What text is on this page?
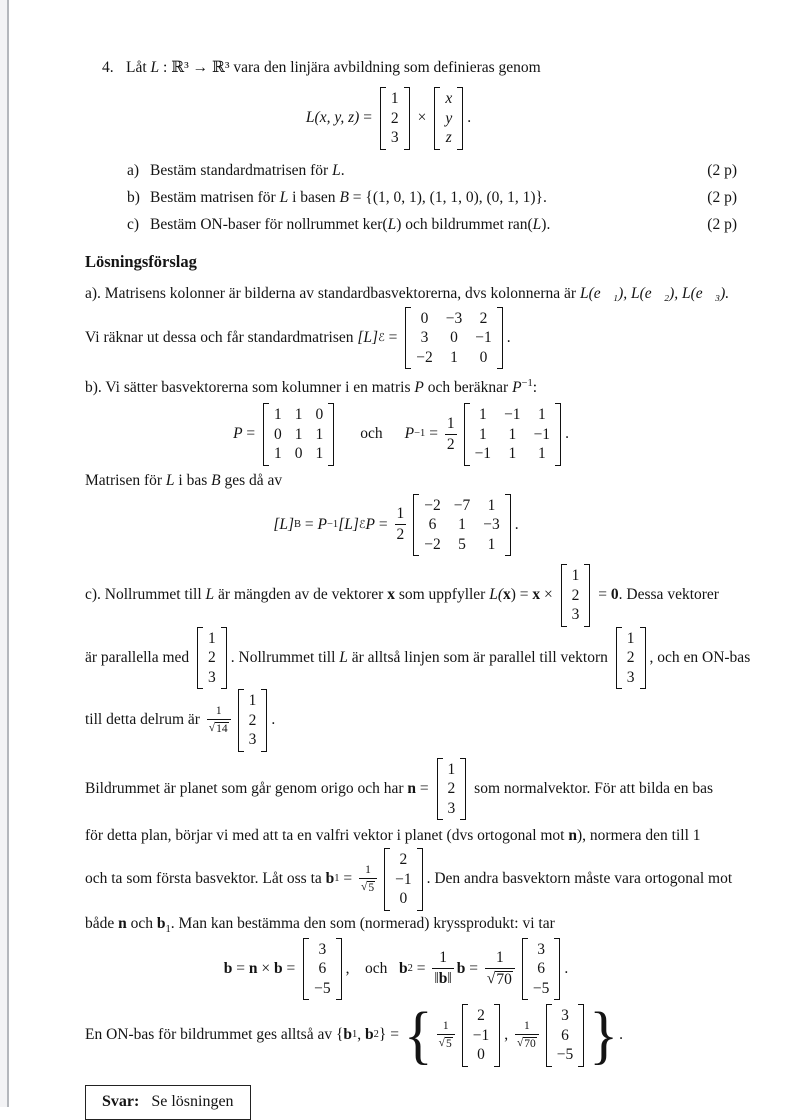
4. Låt L : ℝ³ → ℝ³ vara den linjära avbildning som definieras genom
L(x, y, z) =
1
2
3
×
x
y
z
.
a) Bestäm standardmatrisen för L .	(2 p)
b) Bestäm matrisen för L i basen B = {(1, 0, 1), (1, 1, 0), (0, 1, 1)}.	(2 p)
c) Bestäm ON-baser för nollrummet ker( L ) och bildrummet ran( L ).	(2 p)
Lösningsförslag
a). Matrisens kolonner är bilderna av standardbasvektorerna, dvs kolonnerna är L(e⃗₁), L(e⃗₂), L(e⃗₃).
Vi räknar ut dessa och får standardmatrisen [L] ℰ =
0 −3 2
3 0 −1
−2 1 0
.
b). Vi sätter basvektorerna som kolumner i en matris P och beräknar $P^{-1}$:
P =
1 1 0
0 1 1
1 0 1
och	$P -1 = \frac{1}{2}$
1 −1 1
1 1 −1
−1 1 1
.
Matrisen för L i bas B ges då av
[L] B = P −1 [L] ℰ $P = \frac{1}{2}$
−2 −7 1
6 1 −3
−2 5 1
.
c). Nollrummet till L är mängden av de vektorer x som uppfyller L( x ) = x ×
1
2
3
= 0 . Dessa vektorer
är parallella med
1
2
3
. Nollrummet till L är alltså linjen som är parallel till vektorn
1
2
3
, och en ON-bas
till detta delrum är $\frac{1}{√ 14}$
1
2
3
.
Bildrummet är planet som går genom origo och har n =
1
2
3
som normalvektor. För att bilda en bas
för detta plan, börjar vi med att ta en valfri vektor i planet (dvs ortogonal mot n), normera den till 1
och ta som första basvektor. Låt oss ta b $1 = \frac{1}{√ 5}$
2
−1
0
. Den andra basvektorn måste vara ortogonal mot
både n och $b_1$. Man kan bestämma den som (normerad) kryssprodukt: vi tar
b = n × b =
3
6
−5
, och b $2 = \frac{1}{‖ b ‖}$ $b = \frac{1}{√ 70}$
3
6
−5
.
En ON-bas för bildrummet ges alltså av { b 1 , b 2 } = { $\frac{1}{√ 5}$
2
−1
0
, $\frac{1}{√ 70}$
3
6
−5 } .
Svar: Se lösningen
